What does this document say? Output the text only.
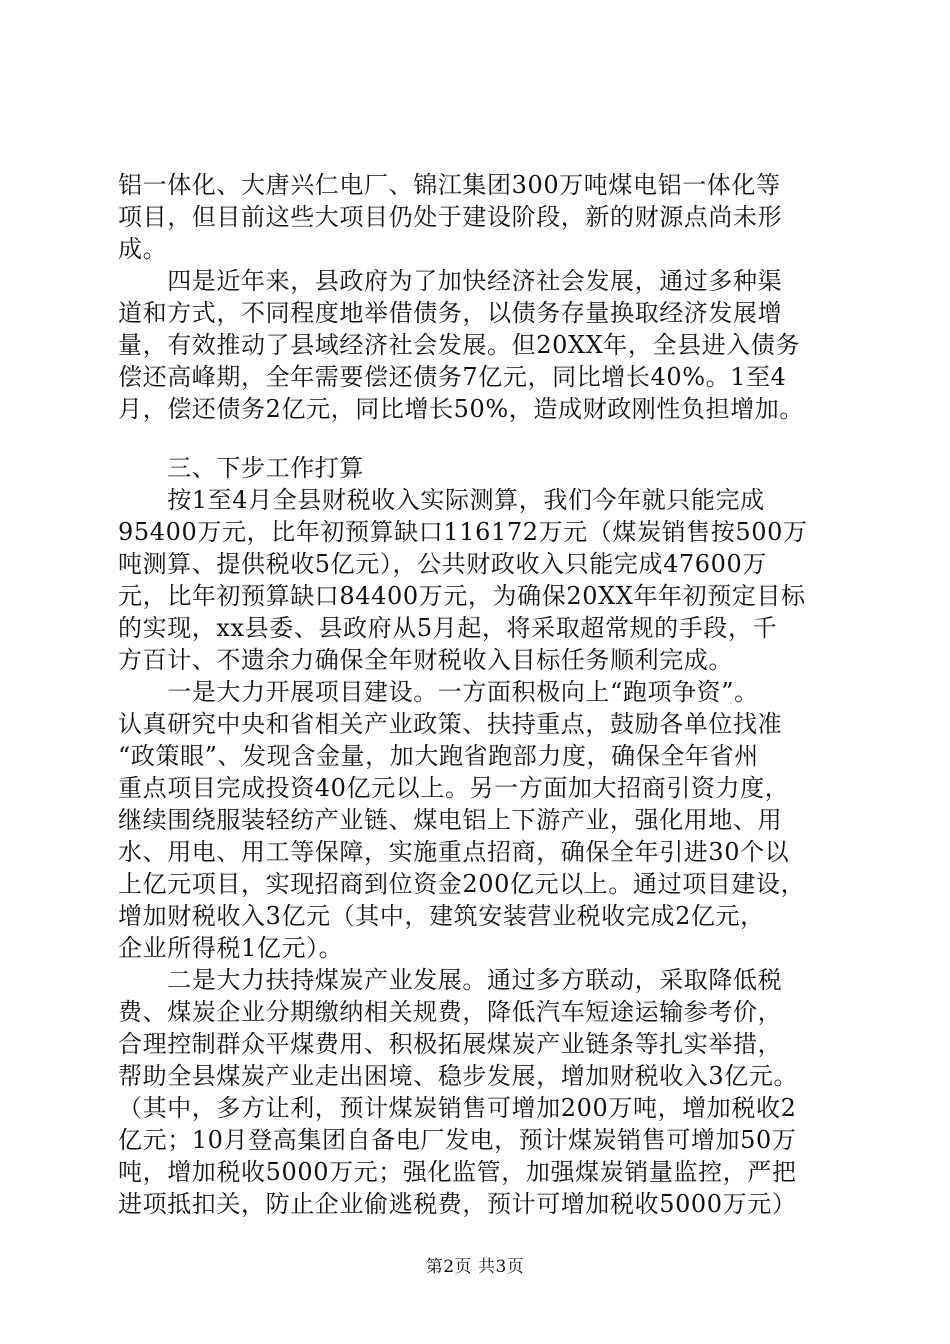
铝一体化、大唐兴仁电厂、锦江集团300万吨煤电铝一体化等
项目，但目前这些大项目仍处于建设阶段，新的财源点尚未形
成。
　　四是近年来，县政府为了加快经济社会发展，通过多种渠
道和方式，不同程度地举借债务，以债务存量换取经济发展增
量，有效推动了县域经济社会发展。但20XX年，全县进入债务
偿还高峰期，全年需要偿还债务7亿元，同比增长40%。1至4
月，偿还债务2亿元，同比增长50%，造成财政刚性负担增加。
　　三、下步工作打算
　　按1至4月全县财税收入实际测算，我们今年就只能完成
95400万元，比年初预算缺口116172万元（煤炭销售按500万
吨测算、提供税收5亿元），公共财政收入只能完成47600万
元，比年初预算缺口84400万元，为确保20XX年年初预定目标
的实现，xx县委、县政府从5月起，将采取超常规的手段，千
方百计、不遗余力确保全年财税收入目标任务顺利完成。
　　一是大力开展项目建设。一方面积极向上“跑项争资”。
认真研究中央和省相关产业政策、扶持重点，鼓励各单位找准
“政策眼”、发现含金量，加大跑省跑部力度，确保全年省州
重点项目完成投资40亿元以上。另一方面加大招商引资力度，
继续围绕服装轻纺产业链、煤电铝上下游产业，强化用地、用
水、用电、用工等保障，实施重点招商，确保全年引进30个以
上亿元项目，实现招商到位资金200亿元以上。通过项目建设，
增加财税收入3亿元（其中，建筑安装营业税收完成2亿元，
企业所得税1亿元）。
　　二是大力扶持煤炭产业发展。通过多方联动，采取降低税
费、煤炭企业分期缴纳相关规费，降低汽车短途运输参考价，
合理控制群众平煤费用、积极拓展煤炭产业链条等扎实举措，
帮助全县煤炭产业走出困境、稳步发展，增加财税收入3亿元。
（其中，多方让利，预计煤炭销售可增加200万吨，增加税收2
亿元；10月登高集团自备电厂发电，预计煤炭销售可增加50万
吨，增加税收5000万元；强化监管，加强煤炭销量监控，严把
进项抵扣关，防止企业偷逃税费，预计可增加税收5000万元）
第2页 共3页
